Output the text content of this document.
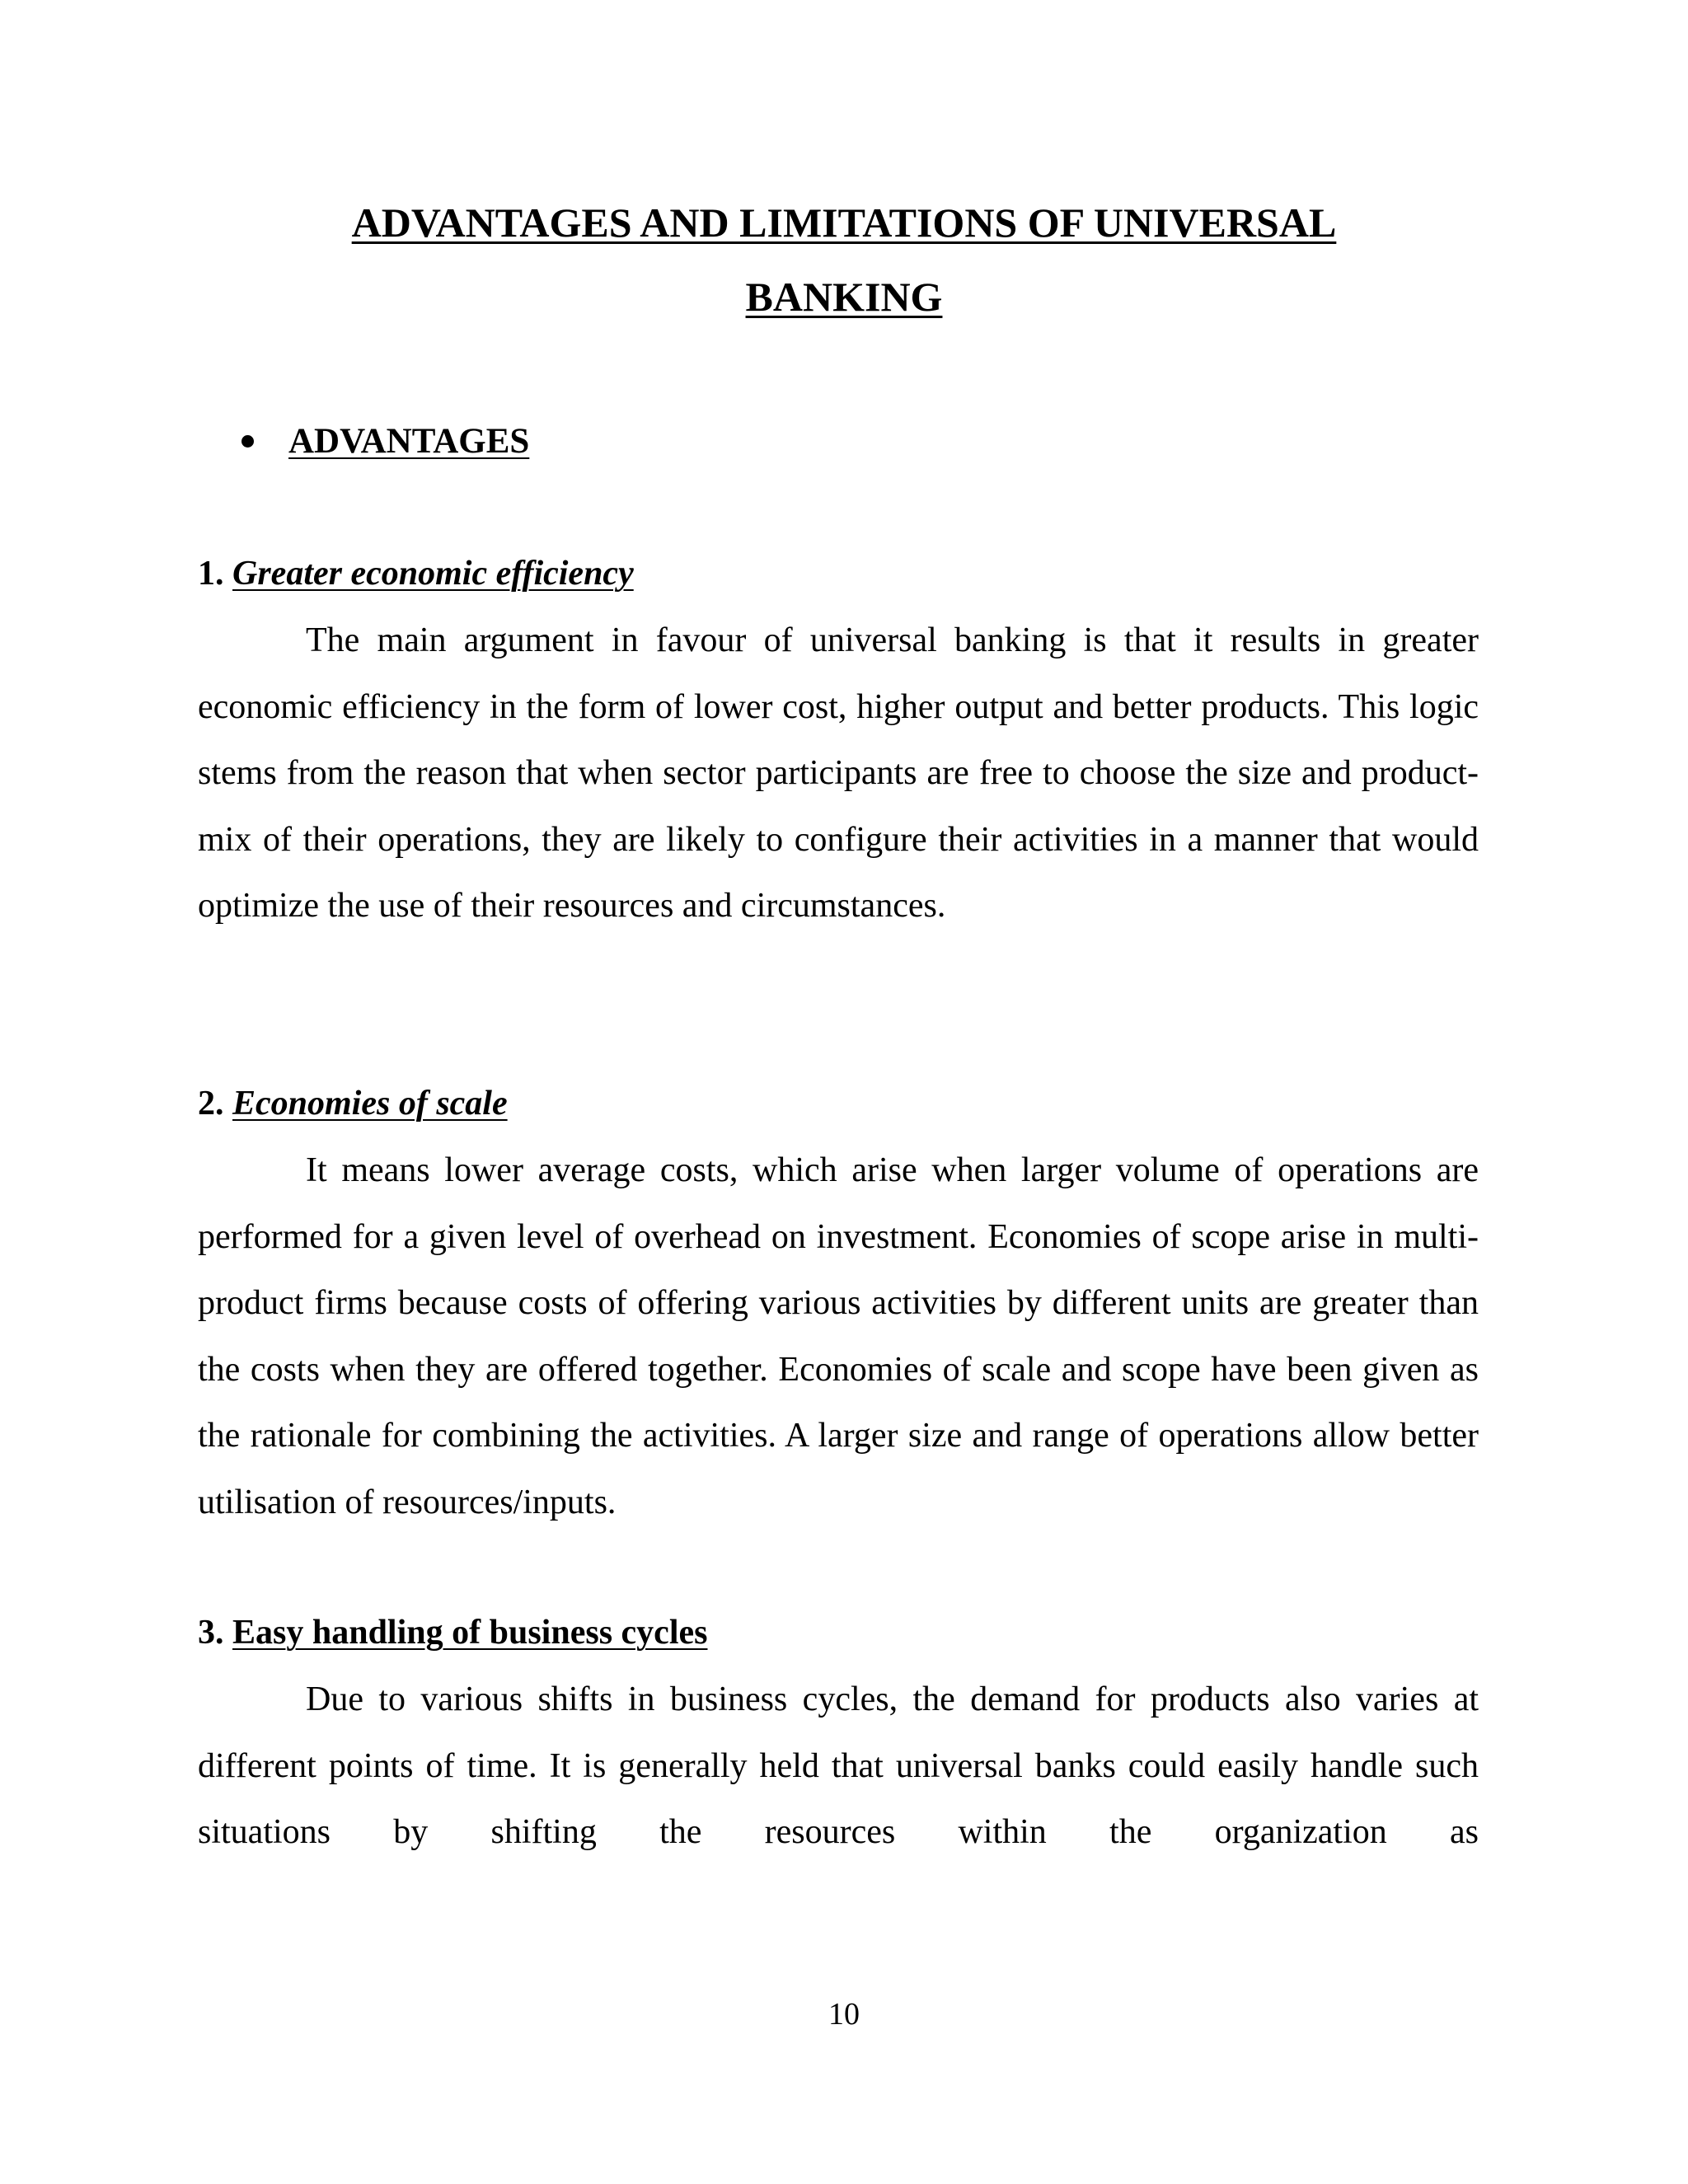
ADVANTAGES AND LIMITATIONS OF UNIVERSAL
BANKING
ADVANTAGES
1. Greater economic efficiency

The main argument in favour of universal banking is that it results in greater economic efficiency in the form of lower cost, higher output and better products. This logic stems from the reason that when sector participants are free to choose the size and product-mix of their operations, they are likely to configure their activities in a manner that would optimize the use of their resources and circumstances.

2. Economies of scale

It means lower average costs, which arise when larger volume of operations are performed for a given level of overhead on investment. Economies of scope arise in multi-product firms because costs of offering various activities by different units are greater than the costs when they are offered together. Economies of scale and scope have been given as the rationale for combining the activities. A larger size and range of operations allow better utilisation of resources/inputs.

3. Easy handling of business cycles

Due to various shifts in business cycles, the demand for products also varies at different points of time. It is generally held that universal banks could easily handle such situations by shifting the resources within the organization as

10
